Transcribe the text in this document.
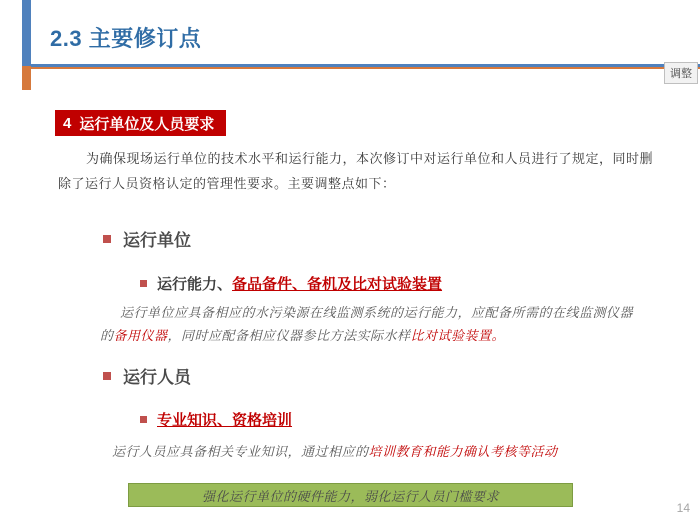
2.3 主要修订点
调整
4 运行单位及人员要求
为确保现场运行单位的技术水平和运行能力，本次修订中对运行单位和人员进行了规定，同时删除了运行人员资格认定的管理性要求。主要调整点如下：
运行单位
运行能力、 备品备件、备机及比对试验装置
运行单位应具备相应的水污染源在线监测系统的运行能力，应配备所需的在线监测仪器
的备用仪器，同时应配备相应仪器参比方法实际水样比对试验装置。
运行人员
专业知识、资格培训
运行人员应具备相关专业知识，通过相应的培训教育和能力确认考核等活动
强化运行单位的硬件能力，弱化运行人员门槛要求
14
